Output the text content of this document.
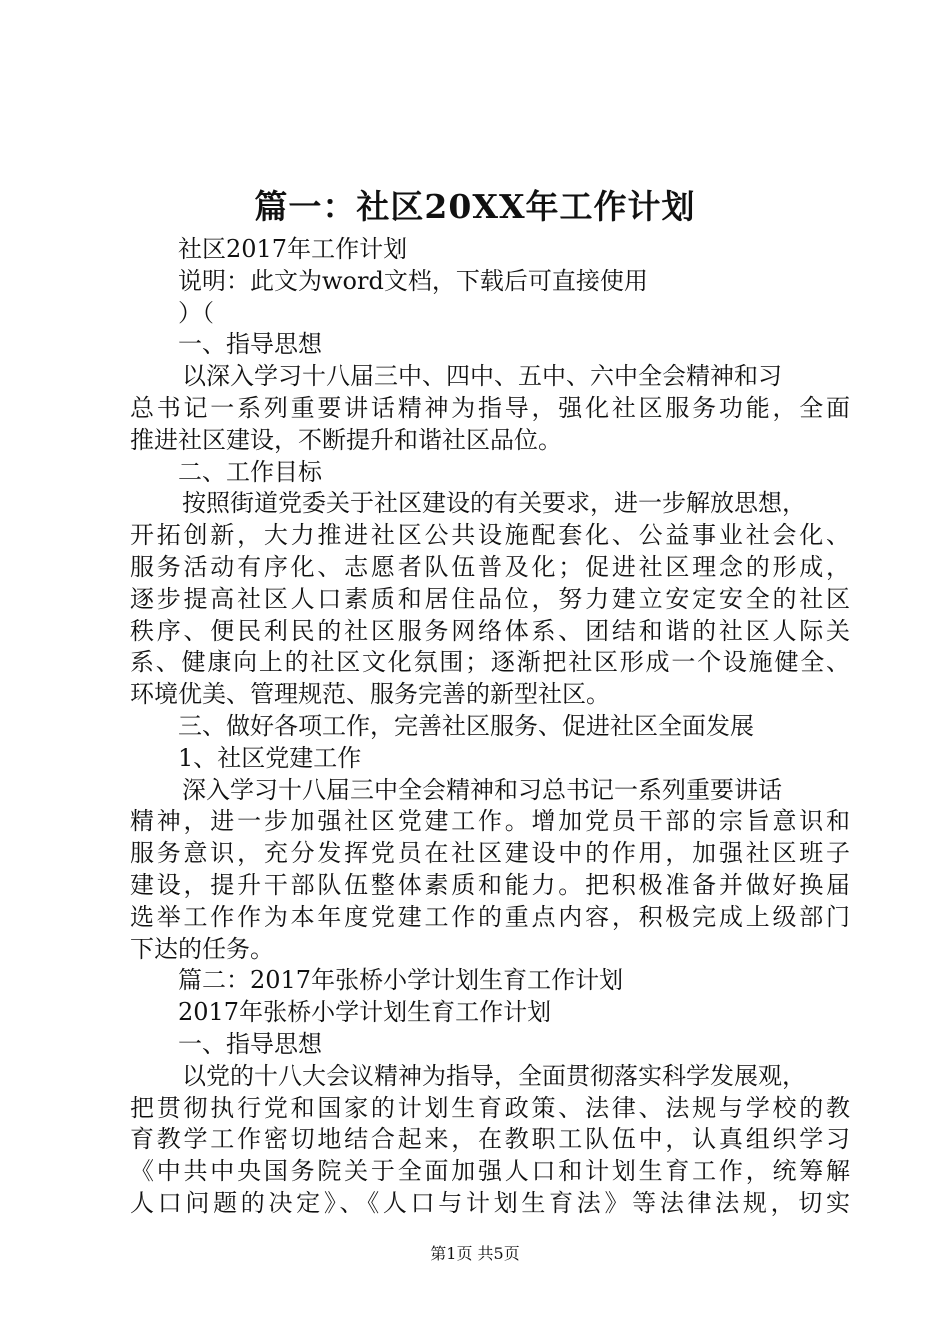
篇一：社区20XX年工作计划
社区2017年工作计划
说明：此文为word文档，下载后可直接使用
）（
一、指导思想
以深入学习十八届三中、四中、五中、六中全会精神和习
总书记一系列重要讲话精神为指导，强化社区服务功能，全面
推进社区建设，不断提升和谐社区品位。
二、工作目标
按照街道党委关于社区建设的有关要求，进一步解放思想，
开拓创新，大力推进社区公共设施配套化、公益事业社会化、
服务活动有序化、志愿者队伍普及化；促进社区理念的形成，
逐步提高社区人口素质和居住品位，努力建立安定安全的社区
秩序、便民利民的社区服务网络体系、团结和谐的社区人际关
系、健康向上的社区文化氛围；逐渐把社区形成一个设施健全、
环境优美、管理规范、服务完善的新型社区。
三、做好各项工作，完善社区服务、促进社区全面发展
1、社区党建工作
深入学习十八届三中全会精神和习总书记一系列重要讲话
精神，进一步加强社区党建工作。增加党员干部的宗旨意识和
服务意识，充分发挥党员在社区建设中的作用，加强社区班子
建设，提升干部队伍整体素质和能力。把积极准备并做好换届
选举工作作为本年度党建工作的重点内容，积极完成上级部门
下达的任务。
篇二：2017年张桥小学计划生育工作计划
2017年张桥小学计划生育工作计划
一、指导思想
以党的十八大会议精神为指导，全面贯彻落实科学发展观，
把贯彻执行党和国家的计划生育政策、法律、法规与学校的教
育教学工作密切地结合起来，在教职工队伍中，认真组织学习
《中共中央国务院关于全面加强人口和计划生育工作，统筹解
人口问题的决定》、《人口与计划生育法》等法律法规，切实
第1页 共5页
